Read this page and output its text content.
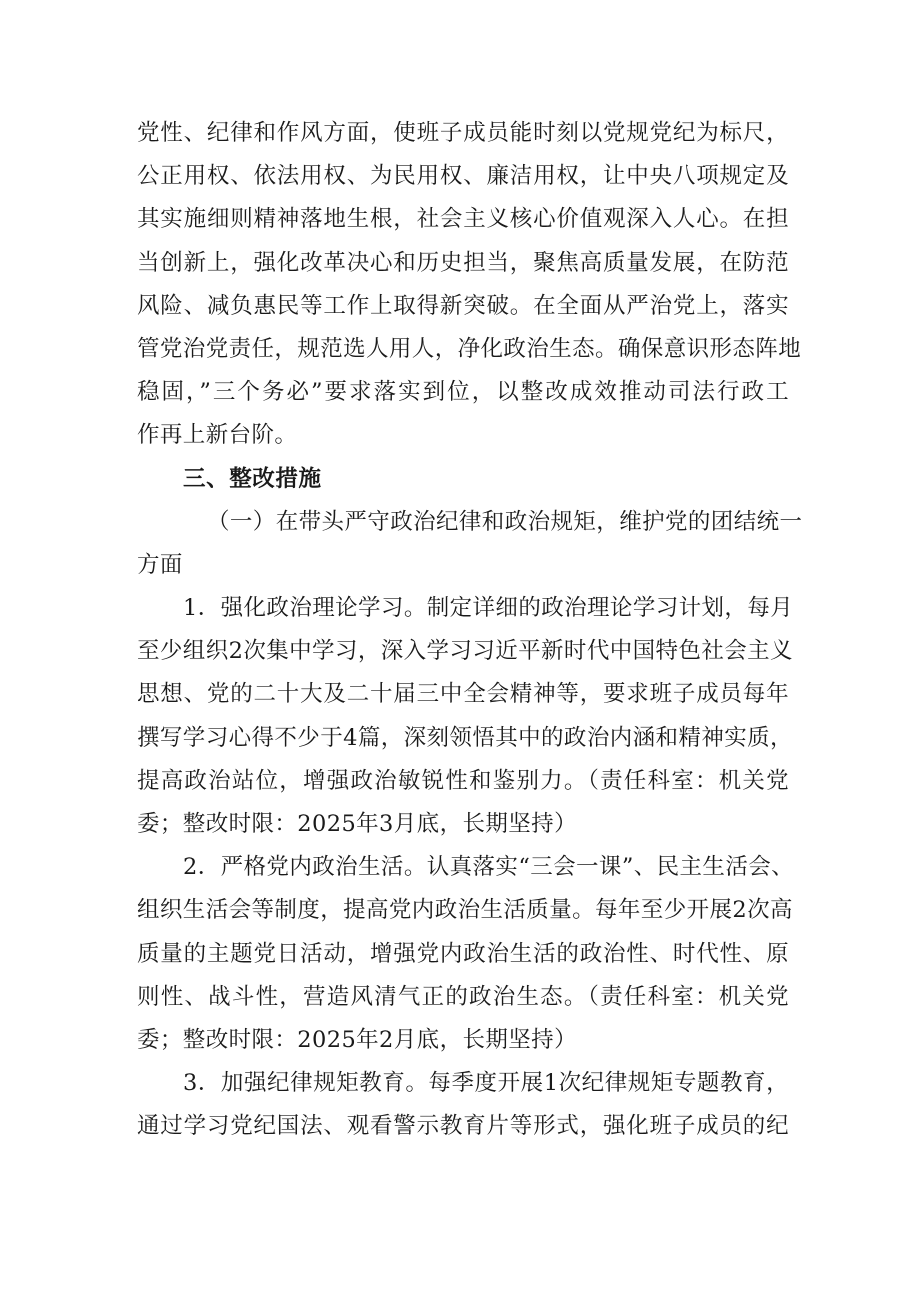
党性、纪律和作风方面，使班子成员能时刻以党规党纪为标尺，
公正用权、依法用权、为民用权、廉洁用权，让中央八项规定及
其实施细则精神落地生根，社会主义核心价值观深入人心。在担
当创新上，强化改革决心和历史担当，聚焦高质量发展，在防范
风险、减负惠民等工作上取得新突破。在全面从严治党上，落实
管党治党责任，规范选人用人，净化政治生态。确保意识形态阵地
稳固，”三个务必”要求落实到位，以整改成效推动司法行政工
作再上新台阶。
三、整改措施
（一）在带头严守政治纪律和政治规矩，维护党的团结统一
方面
1．强化政治理论学习。制定详细的政治理论学习计划，每月
至少组织2次集中学习，深入学习习近平新时代中国特色社会主义
思想、党的二十大及二十届三中全会精神等，要求班子成员每年
撰写学习心得不少于4篇，深刻领悟其中的政治内涵和精神实质，
提高政治站位，增强政治敏锐性和鉴别力。（责任科室：机关党
委；整改时限：2025年3月底，长期坚持）
2．严格党内政治生活。认真落实“三会一课”、民主生活会、
组织生活会等制度，提高党内政治生活质量。每年至少开展2次高
质量的主题党日活动，增强党内政治生活的政治性、时代性、原
则性、战斗性，营造风清气正的政治生态。（责任科室：机关党
委；整改时限：2025年2月底，长期坚持）
3．加强纪律规矩教育。每季度开展1次纪律规矩专题教育，
通过学习党纪国法、观看警示教育片等形式，强化班子成员的纪
